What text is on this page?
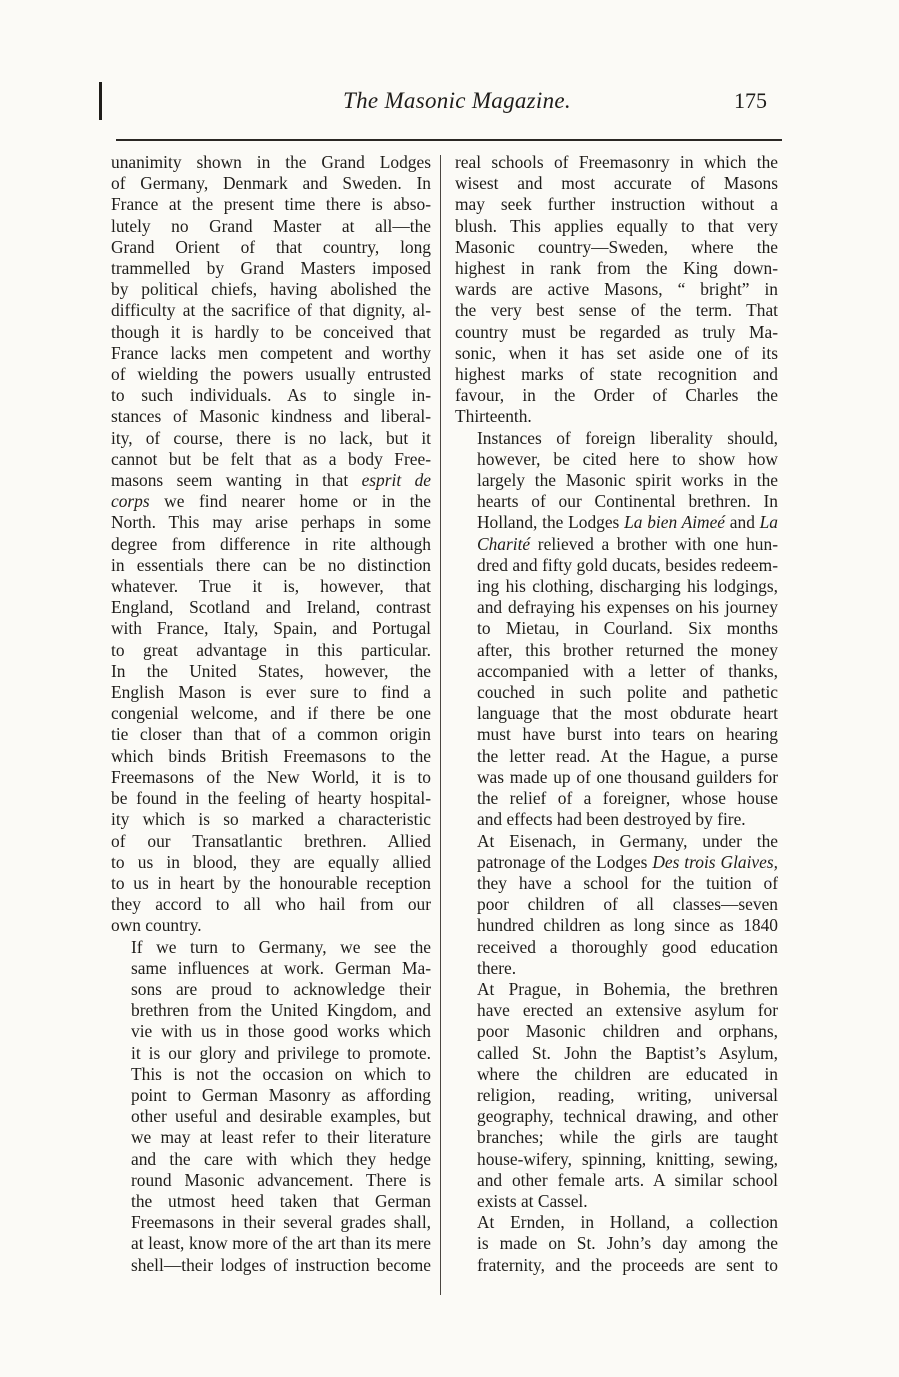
The Masonic Magazine.	175

unanimity shown in the Grand Lodges
of Germany, Denmark and Sweden. In
France at the present time there is abso-
lutely no Grand Master at all—the
Grand Orient of that country, long
trammelled by Grand Masters imposed
by political chiefs, having abolished the
difficulty at the sacrifice of that dignity, al-
though it is hardly to be conceived that
France lacks men competent and worthy
of wielding the powers usually entrusted
to such individuals. As to single in-
stances of Masonic kindness and liberal-
ity, of course, there is no lack, but it
cannot but be felt that as a body Free-
masons seem wanting in that esprit de
corps we find nearer home or in the
North. This may arise perhaps in some
degree from difference in rite although
in essentials there can be no distinction
whatever. True it is, however, that
England, Scotland and Ireland, contrast
with France, Italy, Spain, and Portugal
to great advantage in this particular.
In the United States, however, the
English Mason is ever sure to find a
congenial welcome, and if there be one
tie closer than that of a common origin
which binds British Freemasons to the
Freemasons of the New World, it is to
be found in the feeling of hearty hospital-
ity which is so marked a characteristic
of our Transatlantic brethren. Allied
to us in blood, they are equally allied
to us in heart by the honourable reception
they accord to all who hail from our
own country.

If we turn to Germany, we see the
same influences at work. German Ma-
sons are proud to acknowledge their
brethren from the United Kingdom, and
vie with us in those good works which
it is our glory and privilege to promote.
This is not the occasion on which to
point to German Masonry as affording
other useful and desirable examples, but
we may at least refer to their literature
and the care with which they hedge
round Masonic advancement. There is
the utmost heed taken that German
Freemasons in their several grades shall,
at least, know more of the art than its mere
shell—their lodges of instruction become

real schools of Freemasonry in which the
wisest and most accurate of Masons
may seek further instruction without a
blush. This applies equally to that very
Masonic country—Sweden, where the
highest in rank from the King down-
wards are active Masons, “ bright” in
the very best sense of the term. That
country must be regarded as truly Ma-
sonic, when it has set aside one of its
highest marks of state recognition and
favour, in the Order of Charles the
Thirteenth.

Instances of foreign liberality should,
however, be cited here to show how
largely the Masonic spirit works in the
hearts of our Continental brethren. In
Holland, the Lodges La bien Aimeé and La
Charité relieved a brother with one hun-
dred and fifty gold ducats, besides redeem-
ing his clothing, discharging his lodgings,
and defraying his expenses on his journey
to Mietau, in Courland. Six months
after, this brother returned the money
accompanied with a letter of thanks,
couched in such polite and pathetic
language that the most obdurate heart
must have burst into tears on hearing
the letter read. At the Hague, a purse
was made up of one thousand guilders for
the relief of a foreigner, whose house
and effects had been destroyed by fire.

At Eisenach, in Germany, under the
patronage of the Lodges Des trois Glaives,
they have a school for the tuition of
poor children of all classes—seven
hundred children as long since as 1840
received a thoroughly good education
there.

At Prague, in Bohemia, the brethren
have erected an extensive asylum for
poor Masonic children and orphans,
called St. John the Baptist’s Asylum,
where the children are educated in
religion, reading, writing, universal
geography, technical drawing, and other
branches; while the girls are taught
house-wifery, spinning, knitting, sewing,
and other female arts. A similar school
exists at Cassel.

At Ernden, in Holland, a collection
is made on St. John’s day among the
fraternity, and the proceeds are sent to
